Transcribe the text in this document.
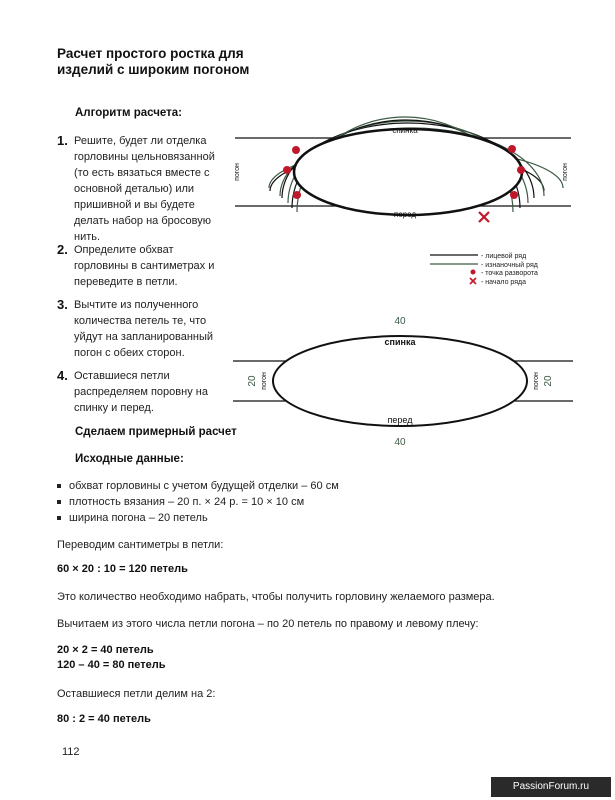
Расчет простого ростка для изделий с широким погоном
Алгоритм расчета:
1. Решите, будет ли отделка горловины цельновязанной (то есть вязаться вместе с основной деталью) или пришивной и вы будете делать набор на бросовую нить.
2. Определите обхват горловины в сантиметрах и переведите в петли.
3. Вычтите из полученного количества петель те, что уйдут на запланированный погон с обеих сторон.
4. Оставшиеся петли распределяем поровну на спинку и перед.
Сделаем примерный расчет
Исходные данные:
обхват горловины с учетом будущей отделки – 60 см
плотность вязания – 20 п. × 24 р. = 10 × 10 см
ширина погона – 20 петель
Переводим сантиметры в петли:
60 × 20 : 10 = 120 петель
Это количество необходимо набрать, чтобы получить горловину желаемого размера.
Вычитаем из этого числа петли погона – по 20 петель по правому и левому плечу:
20 × 2 = 40 петель
120 – 40 = 80 петель
Оставшиеся петли делим на 2:
80 : 2 = 40 петель
112
PassionForum.ru
спинка
перед
погон	погон
- лицевой ряд
- изнаночный ряд
- точка разворота
- начало ряда
40
спинка
перед
40
20 погон	погон 20
